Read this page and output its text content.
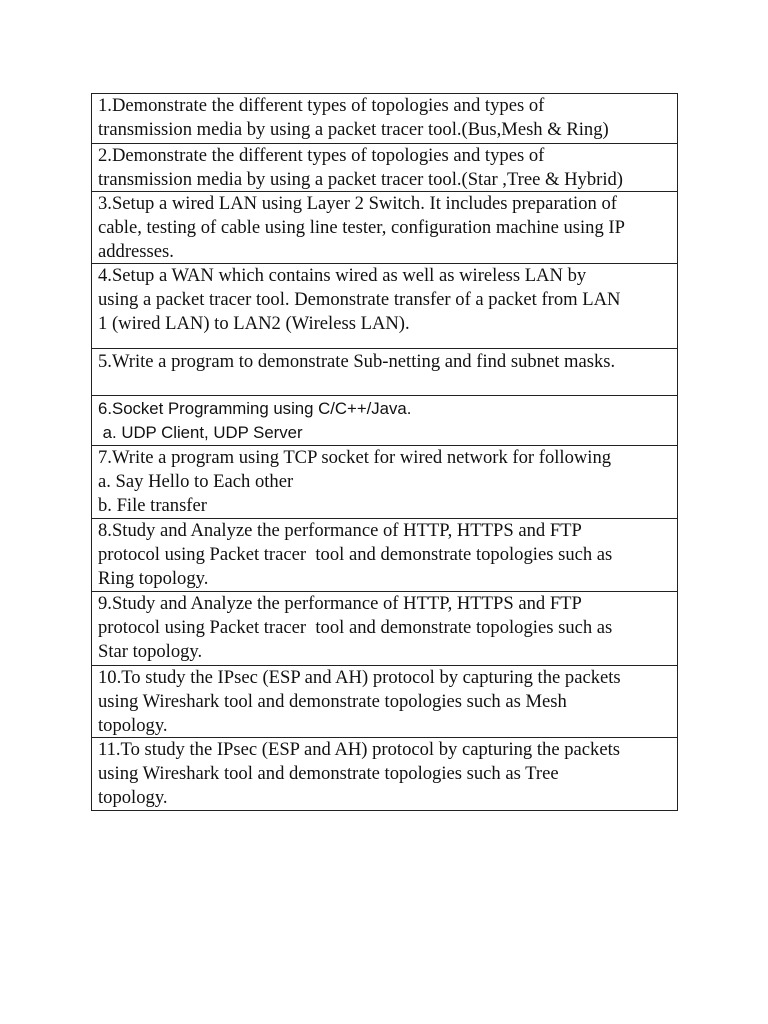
1.Demonstrate the different types of topologies and types of
transmission media by using a packet tracer tool.(Bus,Mesh & Ring)
2.Demonstrate the different types of topologies and types of
transmission media by using a packet tracer tool.(Star ,Tree & Hybrid)
3.Setup a wired LAN using Layer 2 Switch. It includes preparation of
cable, testing of cable using line tester, configuration machine using IP
addresses.
4.Setup a WAN which contains wired as well as wireless LAN by
using a packet tracer tool. Demonstrate transfer of a packet from LAN
1 (wired LAN) to LAN2 (Wireless LAN).
5.Write a program to demonstrate Sub-netting and find subnet masks.
6.Socket Programming using C/C++/Java.
a. UDP Client, UDP Server
7.Write a program using TCP socket for wired network for following
a. Say Hello to Each other
b. File transfer
8.Study and Analyze the performance of HTTP, HTTPS and FTP
protocol using Packet tracer  tool and demonstrate topologies such as
Ring topology.
9.Study and Analyze the performance of HTTP, HTTPS and FTP
protocol using Packet tracer  tool and demonstrate topologies such as
Star topology.
10.To study the IPsec (ESP and AH) protocol by capturing the packets
using Wireshark tool and demonstrate topologies such as Mesh
topology.
11.To study the IPsec (ESP and AH) protocol by capturing the packets
using Wireshark tool and demonstrate topologies such as Tree
topology.
